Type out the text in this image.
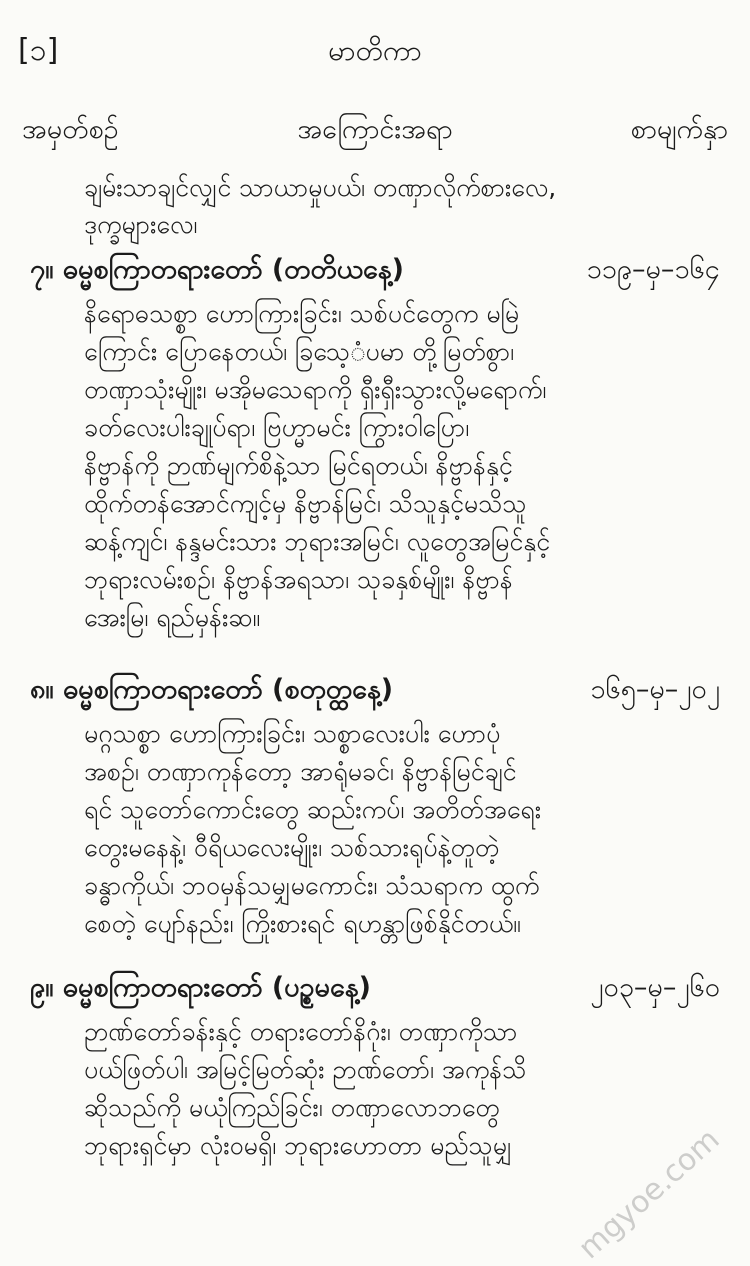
[၁]	မာတိကာ
အမှတ်စဉ်	အကြောင်းအရာ	စာမျက်နှာ
ချမ်းသာချင်လျှင် သာယာမှုပယ်၊ တဏှာလိုက်စားလေ,
ဒုက္ခများလေ၊
၇။ ဓမ္မစကြာတရားတော် (တတိယနေ့)	၁၁၉–မှ–၁၆၄
နိရောဓသစ္စာ ဟောကြားခြင်း၊ သစ်ပင်တွေက မမြဲ
ကြောင်း ပြောနေတယ်၊ ခြသေ့ံပမာ တို့မြတ်စွာ၊
တဏှာသုံးမျိုး၊ မအိုမသေရာကို ရှီးရှီးသွားလို့မရောက်၊
ခတ်လေးပါးချုပ်ရာ၊ ဗြဟ္မာမင်း ကြွားဝါပြော၊
နိဗ္ဗာန်ကို ဉာဏ်မျက်စိနဲ့သာ မြင်ရတယ်၊ နိဗ္ဗာန်နှင့်
ထိုက်တန်အောင်ကျင့်မှ နိဗ္ဗာန်မြင်၊ သိသူနှင့်မသိသူ
ဆန့်ကျင်၊ နန္ဒမင်းသား ဘုရားအမြင်၊ လူတွေအမြင်နှင့်
ဘုရားလမ်းစဉ်၊ နိဗ္ဗာန်အရသာ၊ သုခနှစ်မျိုး၊ နိဗ္ဗာန်
အေးမြ၊ ရည်မှန်းဆ။
၈။ ဓမ္မစကြာတရားတော် (စတုတ္ထနေ့)	၁၆၅–မှ–၂၀၂
မဂ္ဂသစ္စာ ဟောကြားခြင်း၊ သစ္စာလေးပါး ဟောပုံ
အစဉ်၊ တဏှာကုန်တော့ အာရုံမခင်၊ နိဗ္ဗာန်မြင်ချင်
ရင် သူတော်ကောင်းတွေ ဆည်းကပ်၊ အတိတ်အရေး
တွေးမနေနဲ့၊ ဝီရိယလေးမျိုး၊ သစ်သားရုပ်နဲ့တူတဲ့
ခန္ဓာကိုယ်၊ ဘဝမှန်သမျှမကောင်း၊ သံသရာက ထွက်
စေတဲ့ ပျော်နည်း၊ ကြိုးစားရင် ရဟန္တာဖြစ်နိုင်တယ်။
၉။ ဓမ္မစကြာတရားတော် (ပဉ္စမနေ့)	၂၀၃–မှ–၂၆၀
ဉာဏ်တော်ခန်းနှင့် တရားတော်နိဂုံး၊ တဏှာကိုသာ
ပယ်ဖြတ်ပါ၊ အမြင့်မြတ်ဆုံး ဉာဏ်တော်၊ အကုန်သိ
ဆိုသည်ကို မယုံကြည်ခြင်း၊ တဏှာလောဘတွေ
ဘုရားရှင်မှာ လုံးဝမရှိ၊ ဘုရားဟောတာ မည်သူမျှ	mgyoe.com
